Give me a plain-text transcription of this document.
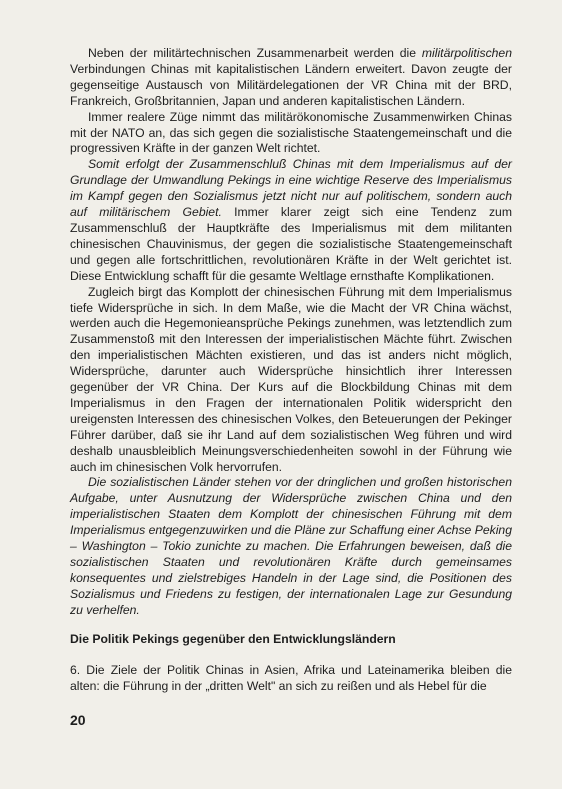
Neben der militärtechnischen Zusammenarbeit werden die militärpolitischen Verbindungen Chinas mit kapitalistischen Ländern erweitert. Davon zeugte der gegenseitige Austausch von Militärdelegationen der VR China mit der BRD, Frankreich, Großbritannien, Japan und anderen kapitalistischen Ländern.

Immer realere Züge nimmt das militärökonomische Zusammenwirken Chinas mit der NATO an, das sich gegen die sozialistische Staatengemeinschaft und die progressiven Kräfte in der ganzen Welt richtet.

Somit erfolgt der Zusammenschluß Chinas mit dem Imperialismus auf der Grundlage der Umwandlung Pekings in eine wichtige Reserve des Imperialismus im Kampf gegen den Sozialismus jetzt nicht nur auf politischem, sondern auch auf militärischem Gebiet. Immer klarer zeigt sich eine Tendenz zum Zusammenschluß der Hauptkräfte des Imperialismus mit dem militanten chinesischen Chauvinismus, der gegen die sozialistische Staatengemeinschaft und gegen alle fortschrittlichen, revolutionären Kräfte in der Welt gerichtet ist. Diese Entwicklung schafft für die gesamte Weltlage ernsthafte Komplikationen.

Zugleich birgt das Komplott der chinesischen Führung mit dem Imperialismus tiefe Widersprüche in sich. In dem Maße, wie die Macht der VR China wächst, werden auch die Hegemonieansprüche Pekings zunehmen, was letztendlich zum Zusammenstoß mit den Interessen der imperialistischen Mächte führt. Zwischen den imperialistischen Mächten existieren, und das ist anders nicht möglich, Widersprüche, darunter auch Widersprüche hinsichtlich ihrer Interessen gegenüber der VR China. Der Kurs auf die Blockbildung Chinas mit dem Imperialismus in den Fragen der internationalen Politik widerspricht den ureigensten Interessen des chinesischen Volkes, den Beteuerungen der Pekinger Führer darüber, daß sie ihr Land auf dem sozialistischen Weg führen und wird deshalb unausbleiblich Meinungsverschiedenheiten sowohl in der Führung wie auch im chinesischen Volk hervorrufen.

Die sozialistischen Länder stehen vor der dringlichen und großen historischen Aufgabe, unter Ausnutzung der Widersprüche zwischen China und den imperialistischen Staaten dem Komplott der chinesischen Führung mit dem Imperialismus entgegenzuwirken und die Pläne zur Schaffung einer Achse Peking – Washington – Tokio zunichte zu machen. Die Erfahrungen beweisen, daß die sozialistischen Staaten und revolutionären Kräfte durch gemeinsames konsequentes und zielstrebiges Handeln in der Lage sind, die Positionen des Sozialismus und Friedens zu festigen, der internationalen Lage zur Gesundung zu verhelfen.

Die Politik Pekings gegenüber den Entwicklungsländern

6. Die Ziele der Politik Chinas in Asien, Afrika und Lateinamerika bleiben die alten: die Führung in der „dritten Welt" an sich zu reißen und als Hebel für die

20
